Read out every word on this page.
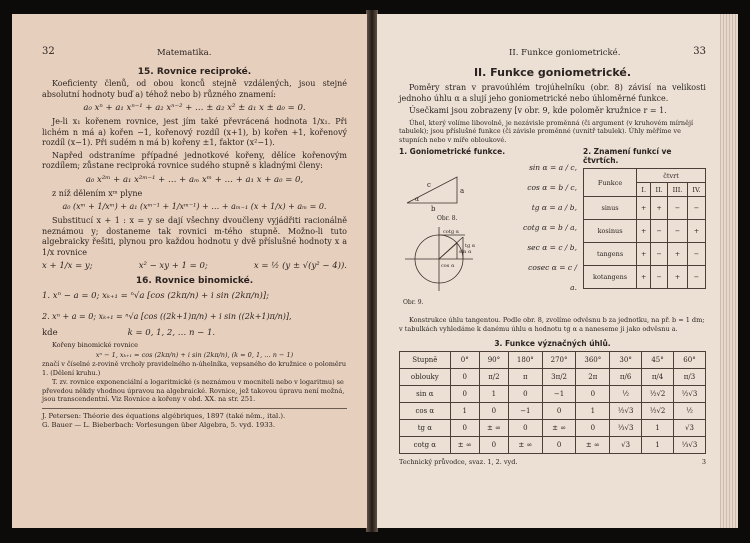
32	Matematika.
15. Rovnice reciproké.
Koeficienty členů, od obou konců stejně vzdálených, jsou stejné absolutní hodnoty buď a) téhož nebo b) různého znamení:
a₀ xⁿ + a₁ xⁿ⁻¹ + a₂ xⁿ⁻² + … ± a₂ x² ± a₁ x ± a₀ = 0.
Je-li x₁ kořenem rovnice, jest jím také převrácená hodnota 1/x₁. Při lichém n má a) kořen −1, kořenový rozdíl (x+1), b) kořen +1, kořenový rozdíl (x−1). Při sudém n má b) kořeny ±1, faktor (x²−1).
Napřed odstraníme případné jednotkové kořeny, dělíce kořenovým rozdílem; zůstane reciproká rovnice sudého stupně s kladnými členy:
a₀ x²ᵐ + a₁ x²ᵐ⁻¹ + … + aₘ xᵐ + … + a₁ x + a₀ = 0,
z níž dělením xᵐ plyne
a₀ (xᵐ + 1/xᵐ) + a₁ (xᵐ⁻¹ + 1/xᵐ⁻¹) + … + aₘ₋₁ (x + 1/x) + aₘ = 0.
Substitucí x + 1 : x = y se dají všechny dvoučleny vyjádřiti racionálně neznámou y; dostaneme tak rovnici m-tého stupně. Možno-li tuto algebraicky řešiti, plynou pro každou hodnotu y dvě příslušné hodnoty x a 1/x rovnice
x + 1/x = y;	x² − xy + 1 = 0;	x = ½ (y ± √(y² − 4)).
16. Rovnice binomické.
1. xⁿ − a = 0; xₖ₊₁ = ⁿ√a [cos (2kπ/n) + i sin (2kπ/n)];
2. xⁿ + a = 0; xₖ₊₁ = ⁿ√a [cos ((2k+1)π/n) + i sin ((2k+1)π/n)],
kde	k = 0, 1, 2, … n − 1.
Kořeny binomické rovnice
xⁿ − 1, xₖ₊₁ = cos (2kπ/n) + i sin (2kπ/n), (k = 0, 1, … n − 1)
značí v číselné z-rovině vrcholy pravidelného n-úhelníka, vepsaného do kružnice o poloměru 1. (Dělení kruhu.)
T. zv. rovnice exponenciální a logaritmické (s neznámou v mocniteli nebo v logaritmu) se převedou někdy vhodnou úpravou na algebraické. Rovnice, jež takovou úpravu není možná, jsou transcendentní. Viz Rovnice a kořeny v obd. XX. na str. 251.
J. Petersen: Théorie des équations algébriques, 1897 (také něm., ital.).
G. Bauer — L. Bieberbach: Vorlesungen über Algebra, 5. vyd. 1933.
II. Funkce goniometrické.	33
II. Funkce goniometrické.
Poměry stran v pravoúhlém trojúhelníku (obr. 8) závisí na velikosti jednoho úhlu α a slují jeho goniometrické nebo úhloměrné funkce.
Úsečkami jsou zobrazeny [v obr. 9, kde poloměr kružnice r = 1.
Úhel, který volíme libovolně, je nezávisle proměnná (či argument (v kruhovém mírnějí tabulek); jsou příslušné funkce (či závisle proměnné (uvnitř tabulek). Úhly měříme ve stupních nebo v míře obloukové.
1. Goniometrické funkce.
c
a
b
α
Obr. 8.
sin α
cos α
tg α
cotg α
Obr. 9.
sin α = a / c,
cos α = b / c,
tg α = a / b,
cotg α = b / a,
sec α = c / b,
cosec α = c / a.
2. Znamení funkcí ve čtvrtích.
Funkce	čtvrt			
	I.	II.	III.	IV.
sinus	+	+	−	−
kosinus	+	−	−	+
tangens	+	−	+	−
kotangens	+	−	+	−
Konstrukce úhlu tangentou. Podle obr. 8, zvolíme odvěsnu b za jednotku, na př. b = 1 dm; v tabulkách vyhledáme k danému úhlu α hodnotu tg α a naneseme ji jako odvěsnu a.
3. Funkce význačných úhlů.
Stupně	0°	90°	180°	270°	360°	30°	45°	60°
oblouky	0	π/2	π	3π/2	2π	π/6	π/4	π/3
sin α	0	1	0	−1	0	½	½√2	½√3
cos α	1	0	−1	0	1	½√3	½√2	½
tg α	0	± ∞	0	± ∞	0	⅓√3	1	√3
cotg α	± ∞	0	± ∞	0	± ∞	√3	1	⅓√3
Technický průvodce, svaz. 1, 2. vyd.	3
